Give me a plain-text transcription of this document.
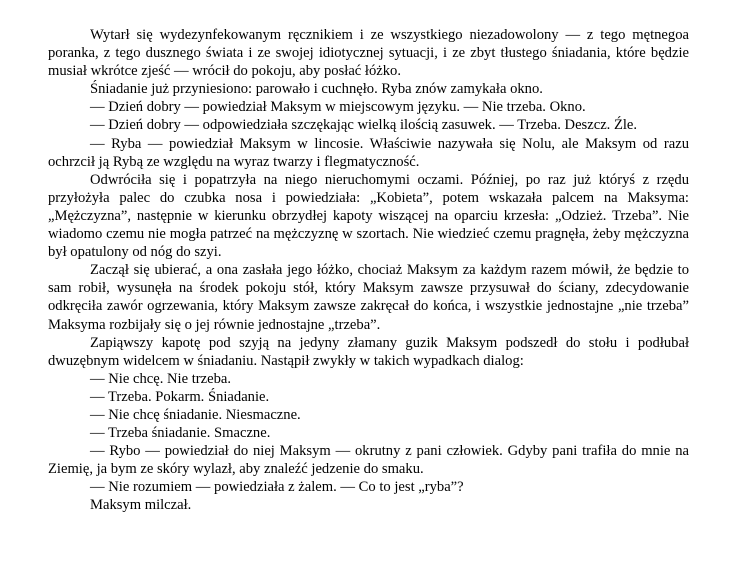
Wytarł się wydezynfekowanym ręcznikiem i ze wszystkiego niezadowolony — z tego mętnegoa poranka, z tego dusznego świata i ze swojej idiotycznej sytuacji, i ze zbyt tłustego śniadania, które będzie musiał wkrótce zjeść — wrócił do pokoju, aby posłać łóżko.

Śniadanie już przyniesiono: parowało i cuchnęło. Ryba znów zamykała okno.

— Dzień dobry — powiedział Maksym w miejscowym języku. — Nie trzeba. Okno.

— Dzień dobry — odpowiedziała szczękając wielką ilością zasuwek. — Trzeba. Deszcz. Źle.

— Ryba — powiedział Maksym w lincosie. Właściwie nazywała się Nolu, ale Maksym od razu ochrzcił ją Rybą ze względu na wyraz twarzy i flegmatyczność.

Odwróciła się i popatrzyła na niego nieruchomymi oczami. Później, po raz już któryś z rzędu przyłożyła palec do czubka nosa i powiedziała: „Kobieta”, potem wskazała palcem na Maksyma: „Mężczyzna”, następnie w kierunku obrzydłej kapoty wiszącej na oparciu krzesła: „Odzież. Trzeba”. Nie wiadomo czemu nie mogła patrzeć na mężczyznę w szortach. Nie wiedzieć czemu pragnęła, żeby mężczyzna był opatulony od nóg do szyi.

Zaczął się ubierać, a ona zasłała jego łóżko, chociaż Maksym za każdym razem mówił, że będzie to sam robił, wysunęła na środek pokoju stół, który Maksym zawsze przysuwał do ściany, zdecydowanie odkręciła zawór ogrzewania, który Maksym zawsze zakręcał do końca, i wszystkie jednostajne „nie trzeba” Maksyma rozbijały się o jej równie jednostajne „trzeba”.

Zapiąwszy kapotę pod szyją na jedyny złamany guzik Maksym podszedł do stołu i podłubał dwuzębnym widelcem w śniadaniu. Nastąpił zwykły w takich wypadkach dialog:

— Nie chcę. Nie trzeba.

— Trzeba. Pokarm. Śniadanie.

— Nie chcę śniadanie. Niesmaczne.

— Trzeba śniadanie. Smaczne.

— Rybo — powiedział do niej Maksym — okrutny z pani człowiek. Gdyby pani trafiła do mnie na Ziemię, ja bym ze skóry wylazł, aby znaleźć jedzenie do smaku.

— Nie rozumiem — powiedziała z żalem. — Co to jest „ryba”?

Maksym milczał.
